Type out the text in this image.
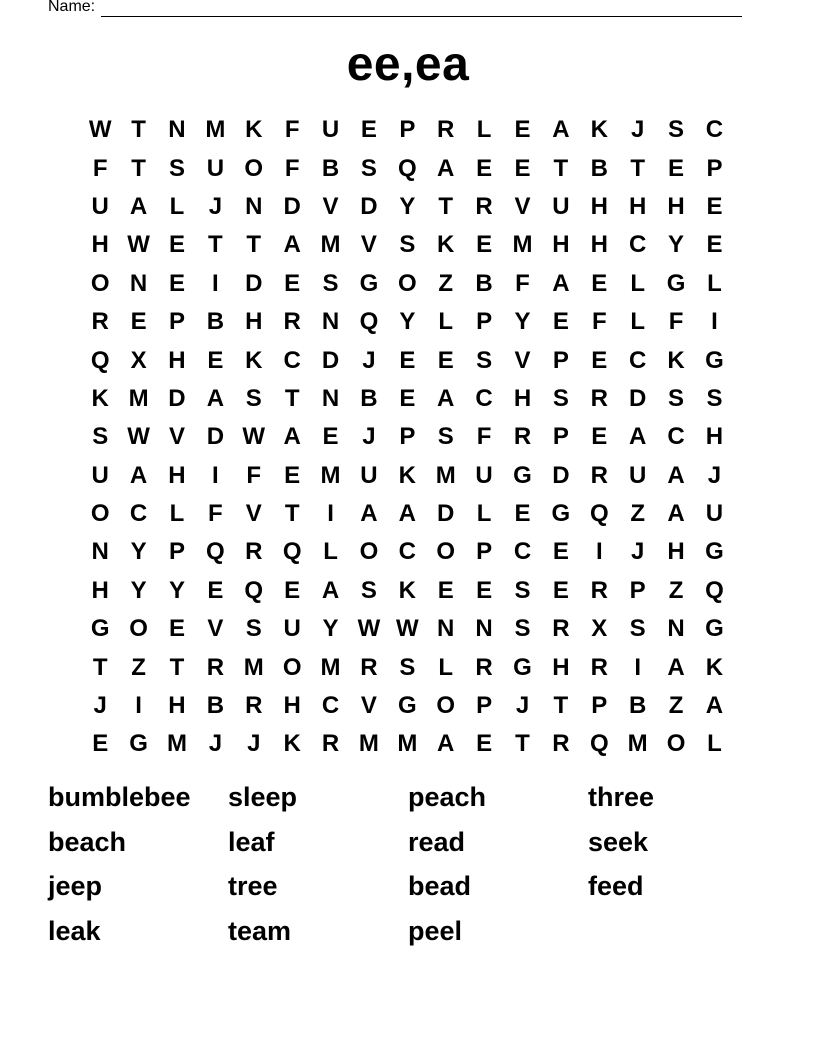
Name:
ee,ea
W T N M K F U E P R L E A K J S C
F T S U O F B S Q A E E T B T E P
U A L	J N D V D Y T R V U H H H E
H W E T T A M V S K E M H H C Y E
O N E	I	D E S G O Z B F A E L G L
R E P B H R N Q Y L P Y E F L F	I
Q X H E K C D J E E S V P E C K G
K M D A S T N B E A C H S R D S S
S W V D W A E J P S F R P E A C H
U A H	I	F E M U K M U G D R U A J
O C L F V T	I	A A D L E G Q Z A U
N Y P Q R Q L O C O P C E	I	J H G
H Y Y E Q E A S K E E S E R P Z Q
G O E V S U Y W W N N S R X S N G
T Z T R M O M R S L R G H R	I	A K
J	I	H B R H C V G O P J	T P B Z A
E G M J	J K R M M A E T R Q M O L
bumblebee	sleep	peach	three
beach	leaf	read	seek
jeep	tree	bead	feed
leak	team	peel
